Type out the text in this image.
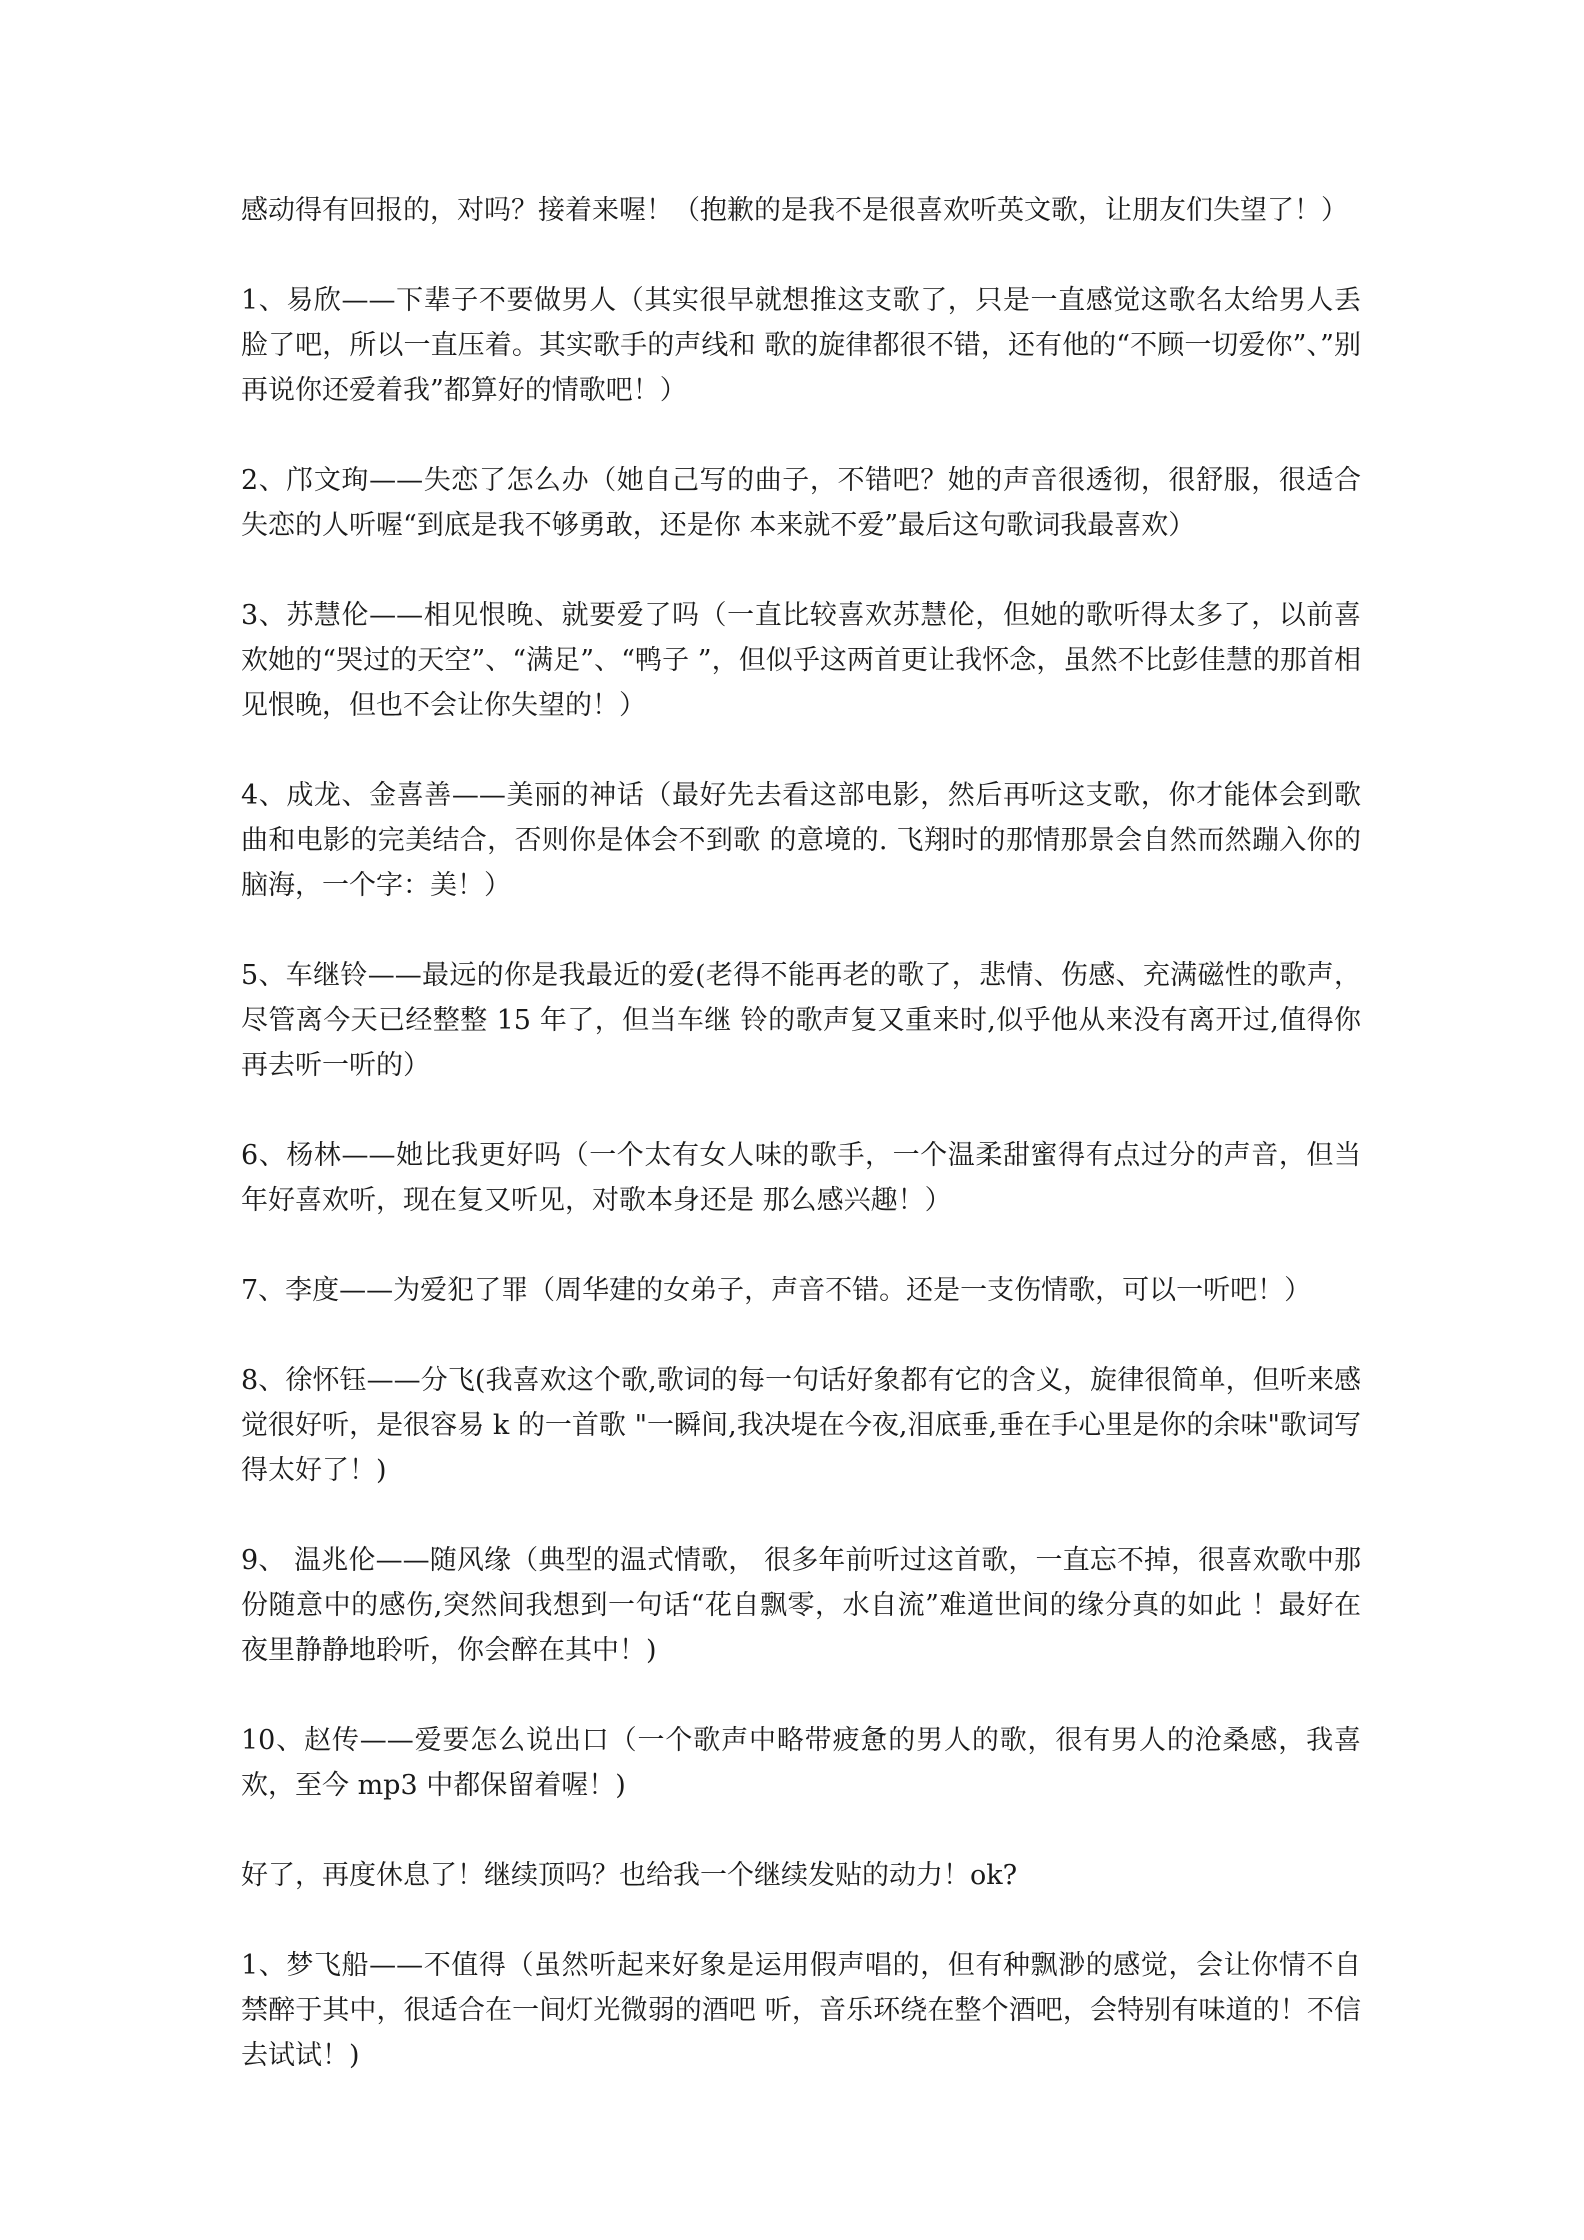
感动得有回报的，对吗？接着来喔！（抱歉的是我不是很喜欢听英文歌，让朋友们失望了！）

1、易欣——下辈子不要做男人（其实很早就想推这支歌了，只是一直感觉这歌名太给男人丢脸了吧，所以一直压着。其实歌手的声线和 歌的旋律都很不错，还有他的“不顾一切爱你”、”别再说你还爱着我”都算好的情歌吧！）

2、邝文珣——失恋了怎么办（她自己写的曲子，不错吧？她的声音很透彻，很舒服，很适合失恋的人听喔“到底是我不够勇敢，还是你 本来就不爱”最后这句歌词我最喜欢）

3、苏慧伦——相见恨晚、就要爱了吗（一直比较喜欢苏慧伦，但她的歌听得太多了，以前喜欢她的“哭过的天空”、“满足”、“鸭子 ”，但似乎这两首更让我怀念，虽然不比彭佳慧的那首相见恨晚，但也不会让你失望的！）

4、成龙、金喜善——美丽的神话（最好先去看这部电影，然后再听这支歌，你才能体会到歌曲和电影的完美结合，否则你是体会不到歌 的意境的. 飞翔时的那情那景会自然而然蹦入你的脑海，一个字：美！）

5、车继铃——最远的你是我最近的爱(老得不能再老的歌了，悲情、伤感、充满磁性的歌声，尽管离今天已经整整 15 年了，但当车继 铃的歌声复又重来时,似乎他从来没有离开过,值得你再去听一听的）

6、杨林——她比我更好吗（一个太有女人味的歌手，一个温柔甜蜜得有点过分的声音，但当年好喜欢听，现在复又听见，对歌本身还是 那么感兴趣！）

7、李度——为爱犯了罪（周华建的女弟子，声音不错。还是一支伤情歌，可以一听吧！）

8、徐怀钰——分飞(我喜欢这个歌,歌词的每一句话好象都有它的含义，旋律很简单，但听来感觉很好听，是很容易 k 的一首歌 "一瞬间,我决堤在今夜,泪底垂,垂在手心里是你的余味"歌词写得太好了！)

9、 温兆伦——随风缘（典型的温式情歌， 很多年前听过这首歌，一直忘不掉，很喜欢歌中那份随意中的感伤,突然间我想到一句话“花自飘零，水自流”难道世间的缘分真的如此 ！最好在夜里静静地聆听，你会醉在其中！)

10、赵传——爱要怎么说出口（一个歌声中略带疲惫的男人的歌，很有男人的沧桑感，我喜欢，至今 mp3 中都保留着喔！)

好了，再度休息了！继续顶吗？也给我一个继续发贴的动力！ok?

1、梦飞船——不值得（虽然听起来好象是运用假声唱的，但有种飘渺的感觉，会让你情不自禁醉于其中，很适合在一间灯光微弱的酒吧 听，音乐环绕在整个酒吧，会特别有味道的！不信去试试！)
